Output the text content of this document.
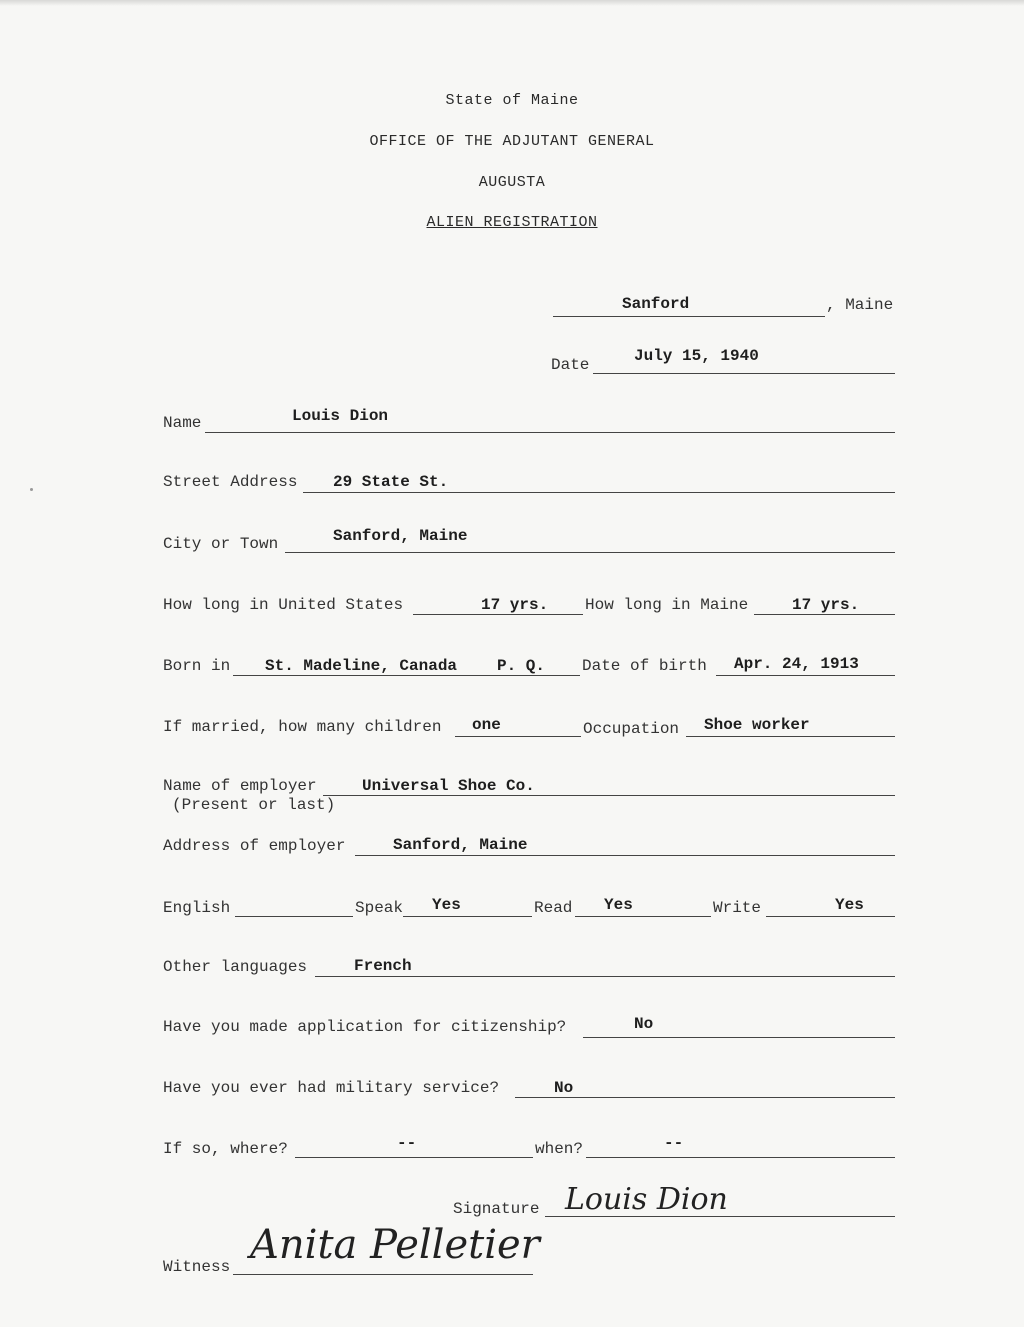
State of Maine
OFFICE OF THE ADJUTANT GENERAL
AUGUSTA
ALIEN REGISTRATION
Sanford	, Maine
Date	July 15, 1940
Name	Louis Dion
Street Address 29 State St.
City or Town	Sanford, Maine
How long in United States	17 yrs. How long in Maine	17 yrs.
Born in St. Madeline, Canada P. Q. Date of birth Apr. 24, 1913
If married, how many children one	Occupation Shoe worker
Name of employer	Universal Shoe Co.
(Present or last)
Address of employer	Sanford, Maine
English	Speak Yes	Read Yes	Write	Yes
Other languages	French
Have you made application for citizenship?	No
Have you ever had military service?	No
If so, where?	--	when?	--
Signature Louis Dion
Witness Anita Pelletier
